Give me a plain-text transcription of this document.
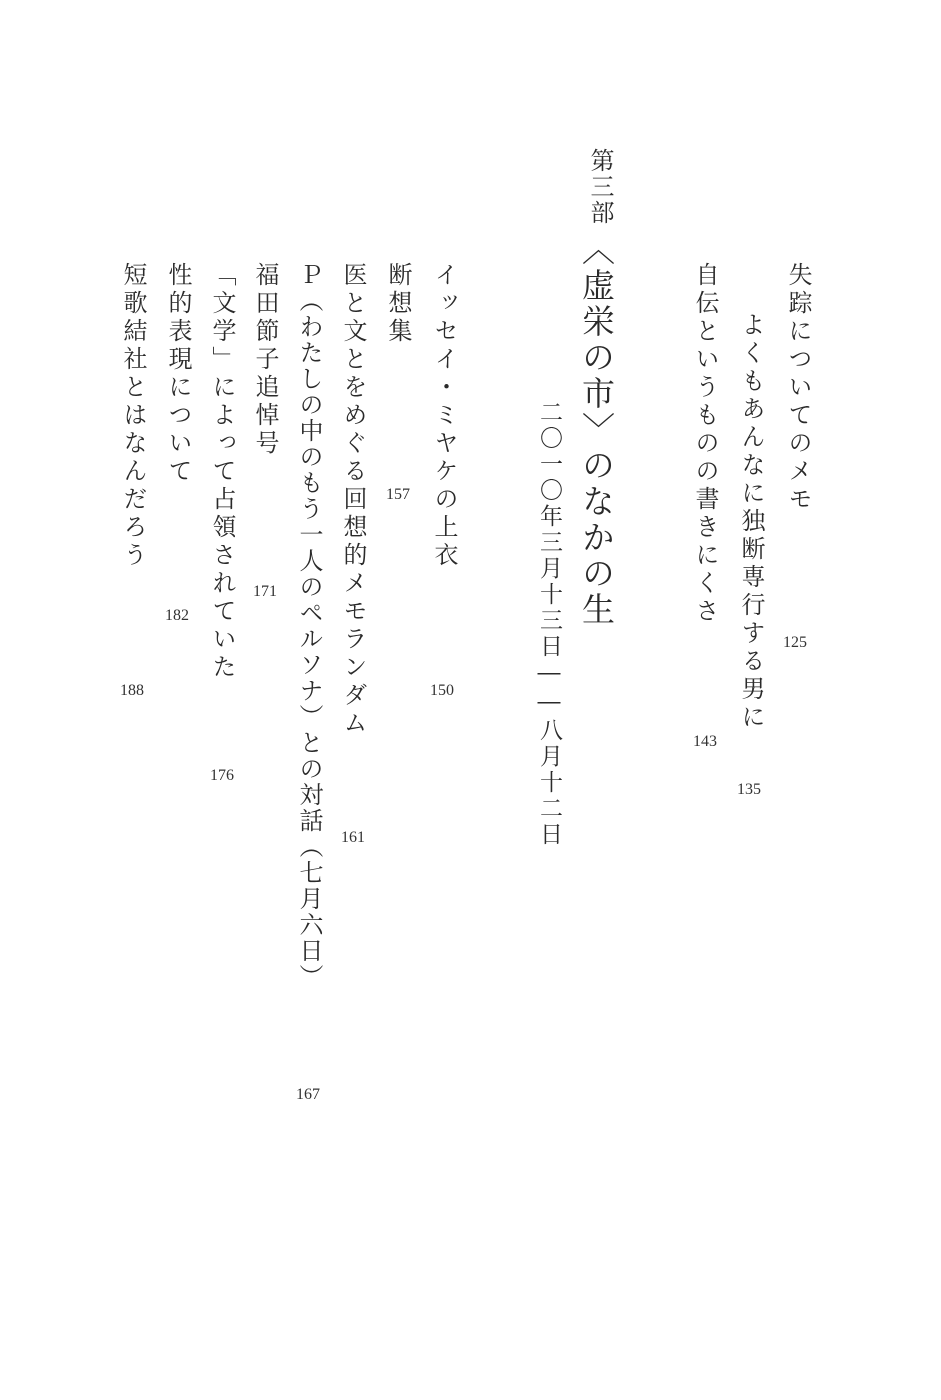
失踪についてのメモ
125
よくもあんなに独断専行する男に
135
自伝というものの書きにくさ
143
第三部
〈虚栄の市〉のなかの生
二〇一〇年三月十三日――八月十二日
イッセイ・ミヤケの上衣
150
断想集
157
医と文とをめぐる回想的メモランダム
161
Ｐ（わたしの中のもう一人のペルソナ）との対話（七月六日）
167
福田節子追悼号
171
「文学」によって占領されていた
176
性的表現について
182
短歌結社とはなんだろう
188
